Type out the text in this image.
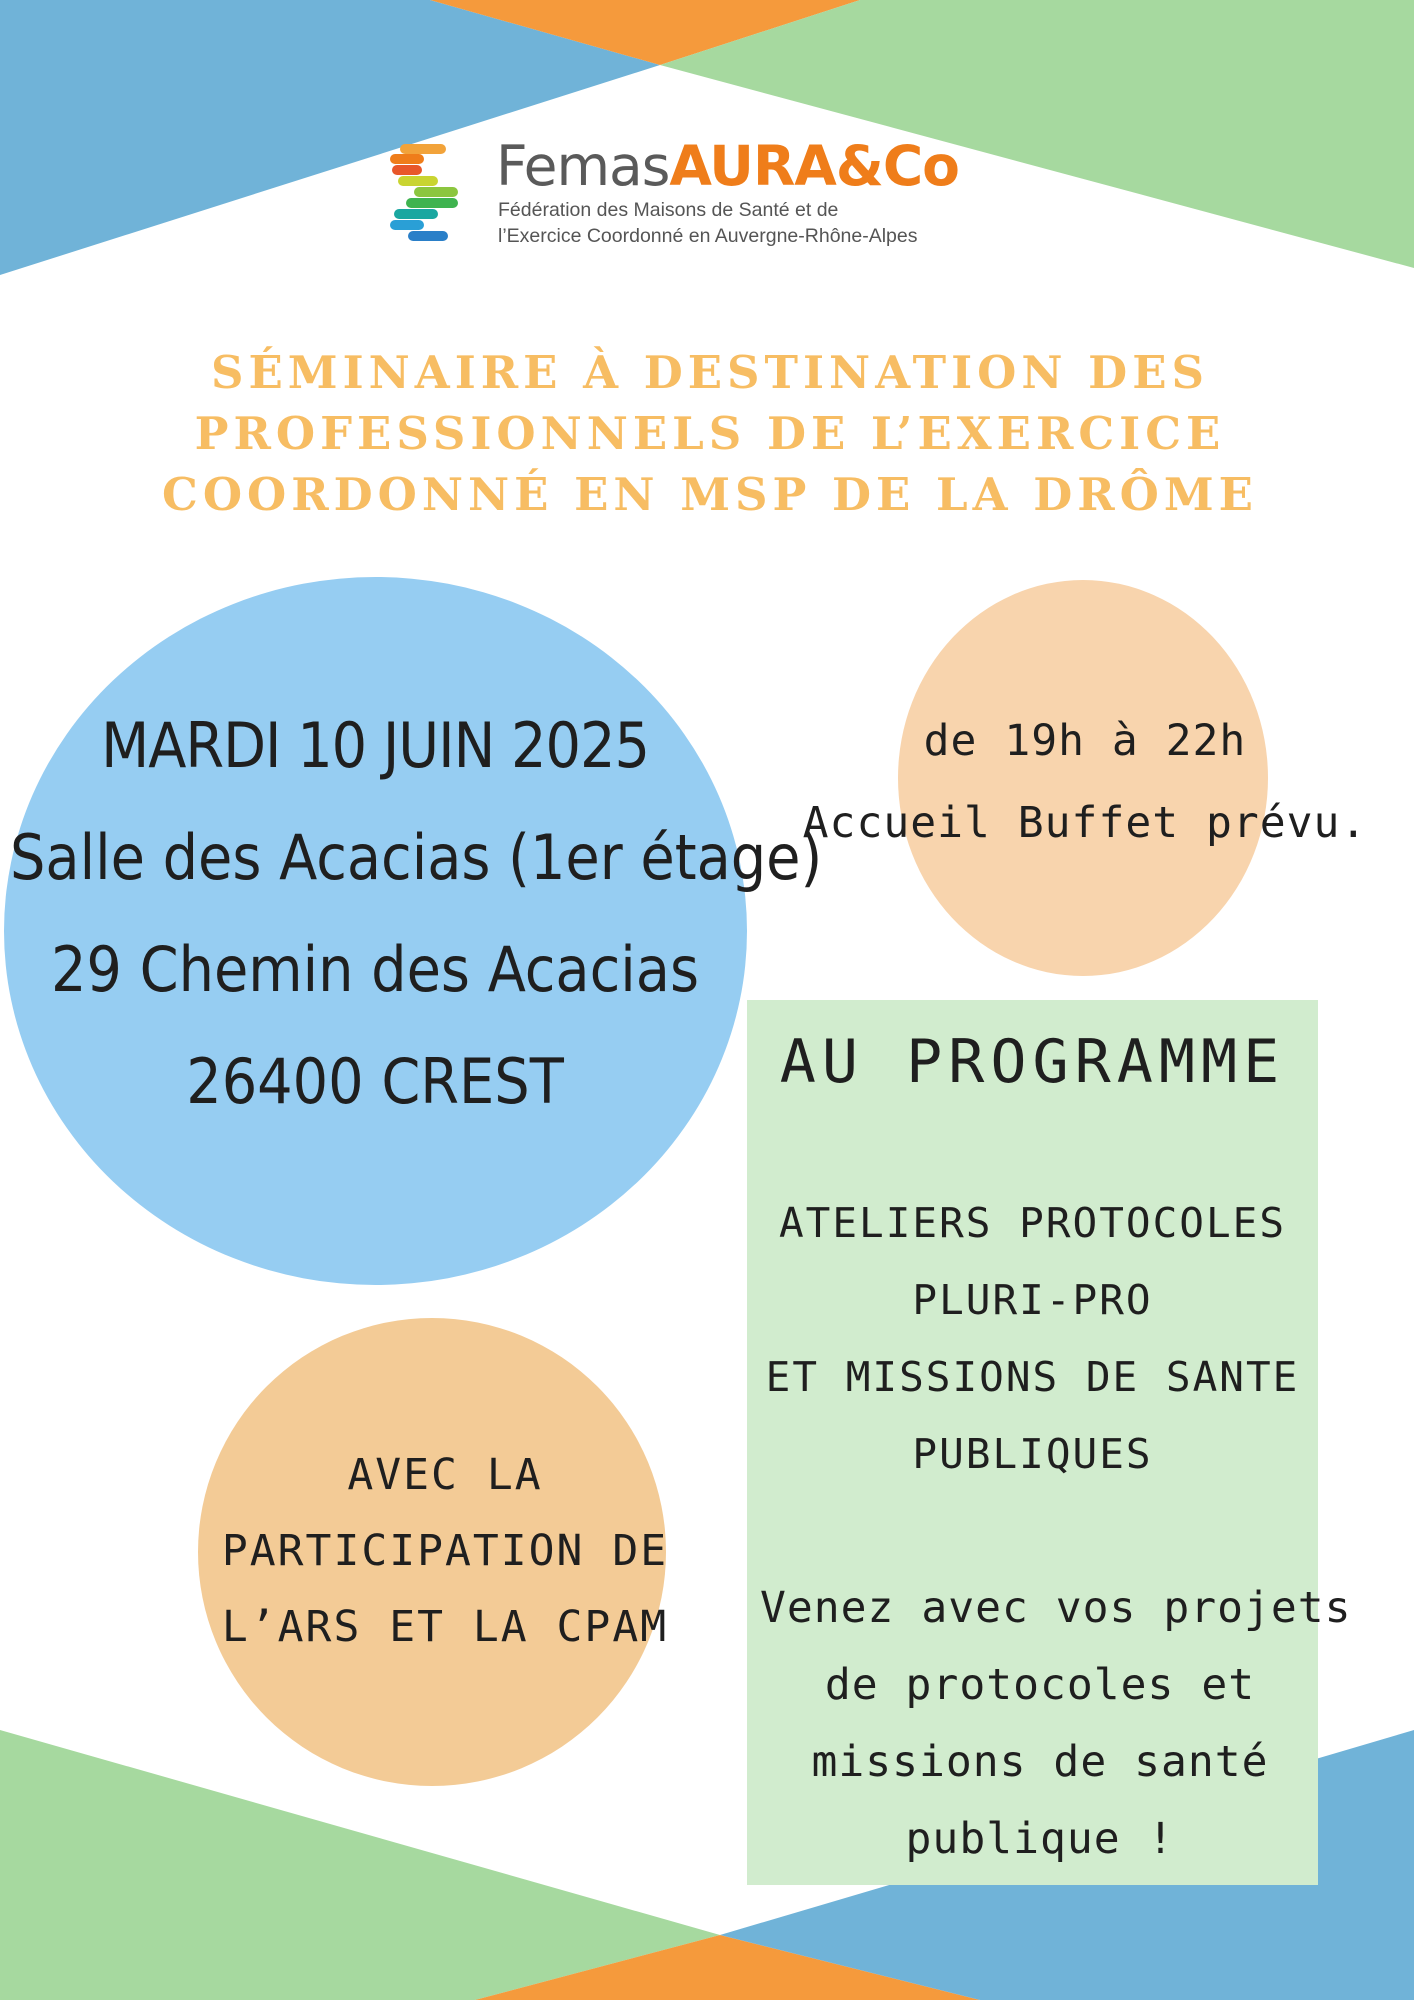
FemasAURA&Co
Fédération des Maisons de Santé et de
l’Exercice Coordonné en Auvergne-Rhône-Alpes
SÉMINAIRE À DESTINATION DES
PROFESSIONNELS DE L’EXERCICE
COORDONNÉ EN MSP DE LA DRÔME
MARDI 10 JUIN 2025
Salle des Acacias (1er étage)
29 Chemin des Acacias
26400 CREST
de 19h à 22h
Accueil Buffet prévu.
AVEC LA
PARTICIPATION DE
L’ARS ET LA CPAM
AU PROGRAMME
ATELIERS PROTOCOLES
PLURI-PRO
ET MISSIONS DE SANTE
PUBLIQUES
Venez avec vos projets
de protocoles et
missions de santé
publique !
